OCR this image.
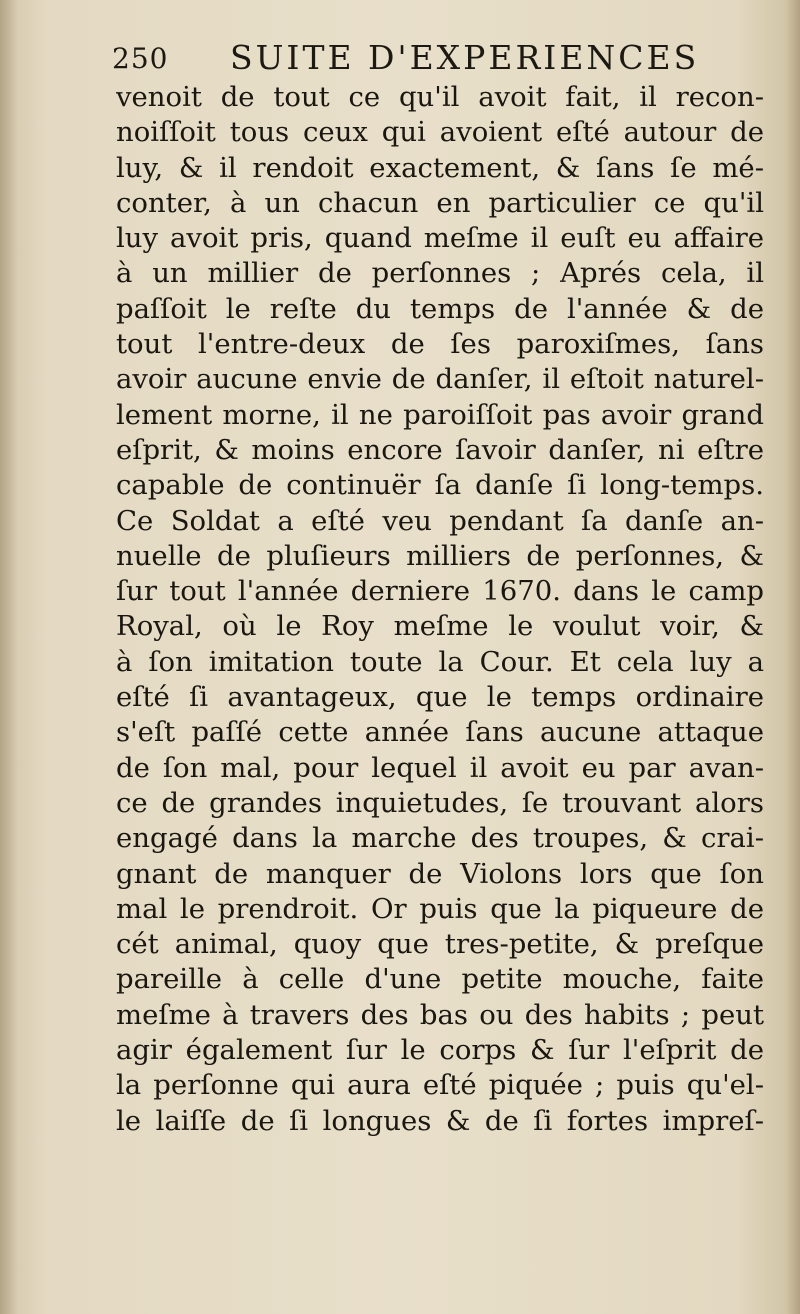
250 SUITE D'EXPERIENCES
venoit de tout ce qu'il avoit fait, il recon-
noiſſoit tous ceux qui avoient eſté autour de
luy, & il rendoit exactement, & ſans ſe mé-
conter, à un chacun en particulier ce qu'il
luy avoit pris, quand meſme il euſt eu affaire
à un millier de perſonnes ; Aprés cela, il
paſſoit le reſte du temps de l'année & de
tout l'entre-deux de ſes paroxiſmes, ſans
avoir aucune envie de danſer, il eſtoit naturel-
lement morne, il ne paroiſſoit pas avoir grand
eſprit, & moins encore ſavoir danſer, ni eſtre
capable de continuër ſa danſe ſi long-temps.
Ce Soldat a eſté veu pendant ſa danſe an-
nuelle de pluſieurs milliers de perſonnes, &
ſur tout l'année derniere 1670. dans le camp
Royal, où le Roy meſme le voulut voir, &
à ſon imitation toute la Cour. Et cela luy a
eſté ſi avantageux, que le temps ordinaire
s'eſt paſſé cette année ſans aucune attaque
de ſon mal, pour lequel il avoit eu par avan-
ce de grandes inquietudes, ſe trouvant alors
engagé dans la marche des troupes, & crai-
gnant de manquer de Violons lors que ſon
mal le prendroit. Or puis que la piqueure de
cét animal, quoy que tres-petite, & preſque
pareille à celle d'une petite mouche, faite
meſme à travers des bas ou des habits ; peut
agir également ſur le corps & ſur l'eſprit de
la perſonne qui aura eſté piquée ; puis qu'el-
le laiſſe de ſi longues & de ſi fortes impreſ-
